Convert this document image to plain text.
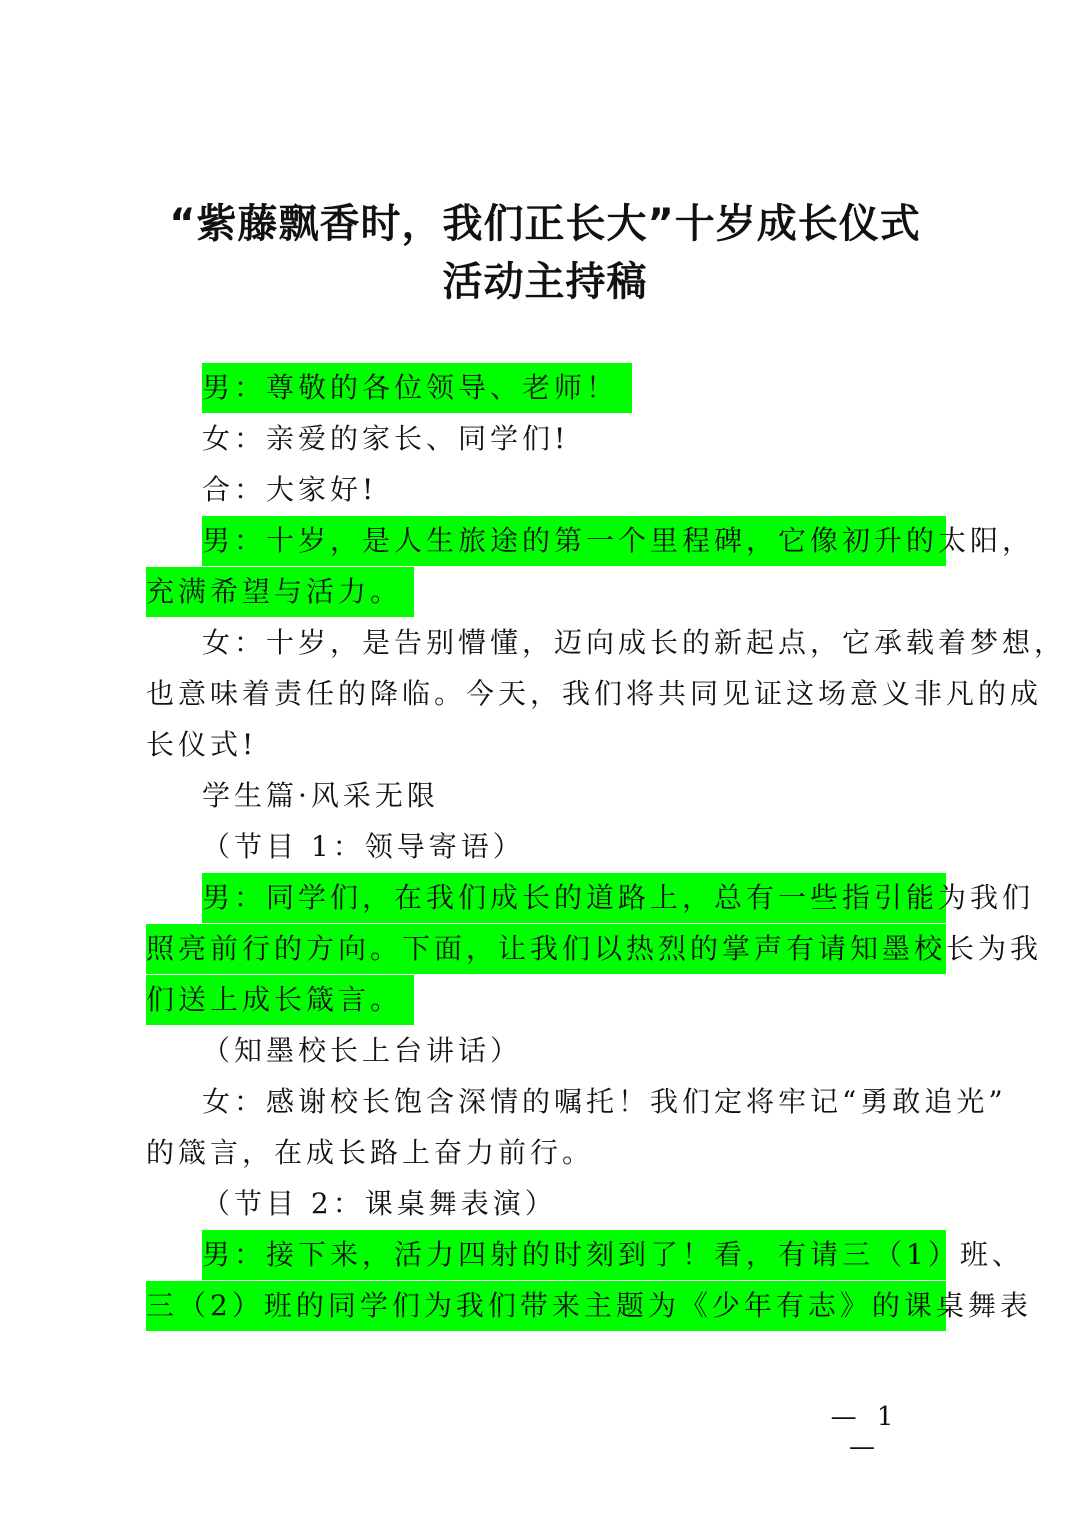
“紫藤飘香时，我们正长大”十岁成长仪式
活动主持稿
男：尊敬的各位领导、老师！
女：亲爱的家长、同学们!
合：大家好!
男：十岁，是人生旅途的第一个里程碑，它像初升的太阳，
充满希望与活力。
女：十岁，是告别懵懂，迈向成长的新起点，它承载着梦想，
也意味着责任的降临。今天，我们将共同见证这场意义非凡的成
长仪式!
学生篇·风采无限
（节目 1：领导寄语）
男：同学们，在我们成长的道路上，总有一些指引能为我们
照亮前行的方向。下面，让我们以热烈的掌声有请知墨校长为我
们送上成长箴言。
（知墨校长上台讲话）
女：感谢校长饱含深情的嘱托！我们定将牢记“勇敢追光”
的箴言，在成长路上奋力前行。
（节目 2：课桌舞表演）
男：接下来，活力四射的时刻到了！看，有请三（1）班、
三（2）班的同学们为我们带来主题为《少年有志》的课桌舞表
— 1 —
